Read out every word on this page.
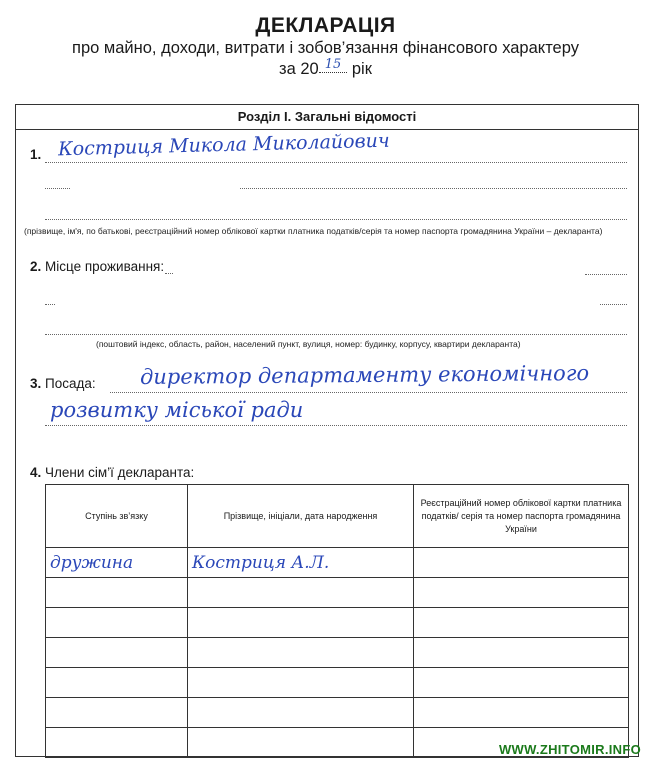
ДЕКЛАРАЦІЯ
про майно, доходи, витрати і зобов’язання фінансового характеру
за 20 $^{15}$ рік
Розділ І. Загальні відомості
1. Костриця Микола Миколайович
(прізвище, ім'я, по батькові, реєстраційний номер облікової картки платника податків/серія та номер паспорта громадянина України – декларанта)
2. Місце проживання:
(поштовий індекс, область, район, населений пункт, вулиця, номер: будинку, корпусу, квартири декларанта)
3. Посада: директор департаменту економічного
розвитку міської ради
4. Члени сім’ї декларанта:
Ступінь зв’язку	Прізвище, ініціали, дата народження	Реєстраційний номер облікової картки платника податків/ серія та номер паспорта громадянина України
дружина	Костриця А.Л.	

WWW.ZHITOMIR.INFO
